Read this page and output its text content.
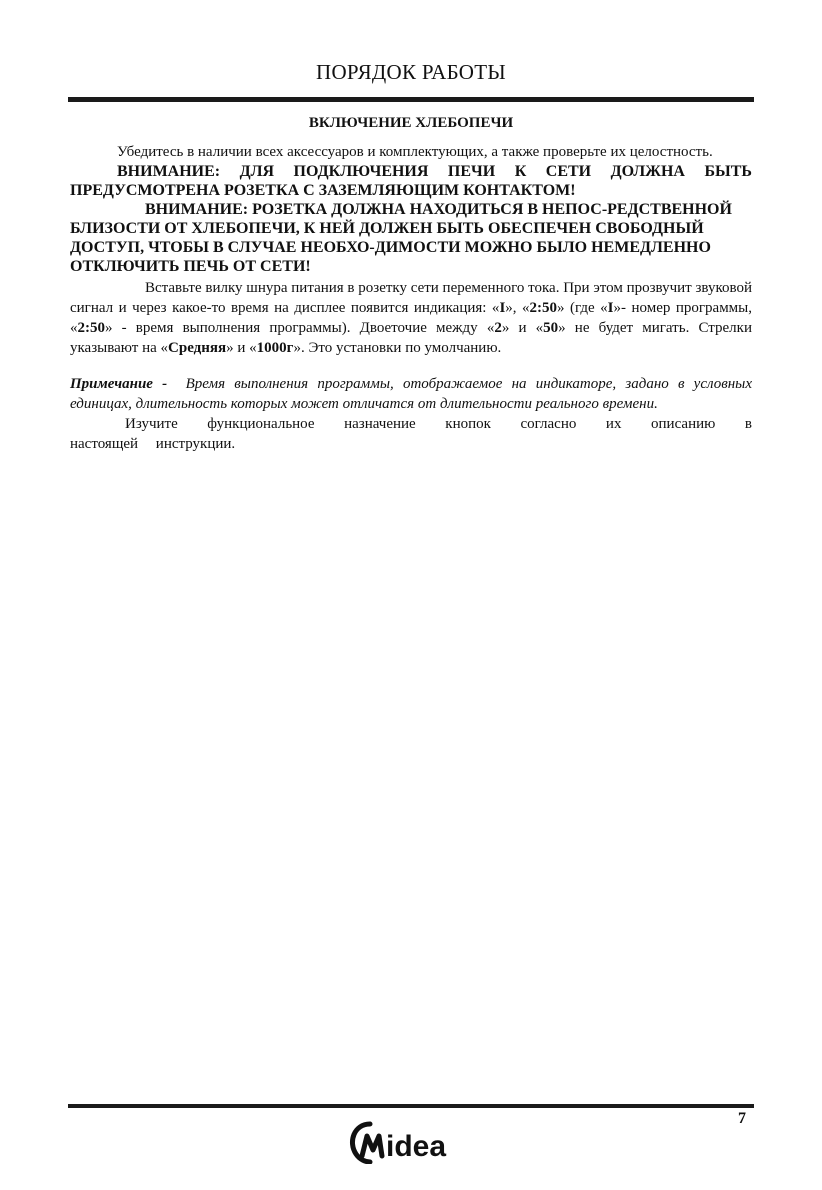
ПОРЯДОК РАБОТЫ
ВКЛЮЧЕНИЕ ХЛЕБОПЕЧИ

Убедитесь в наличии всех аксессуаров и комплектующих, а также проверьте их целостность.

ВНИМАНИЕ: ДЛЯ ПОДКЛЮЧЕНИЯ ПЕЧИ К СЕТИ ДОЛЖНА БЫТЬ ПРЕДУСМОТРЕНА РОЗЕТКА С ЗАЗЕМЛЯЮЩИМ КОНТАКТОМ!

ВНИМАНИЕ: РОЗЕТКА ДОЛЖНА НАХОДИТЬСЯ В НЕПОС-РЕДСТВЕННОЙ БЛИЗОСТИ ОТ ХЛЕБОПЕЧИ, К НЕЙ ДОЛЖЕН БЫТЬ ОБЕСПЕЧЕН СВОБОДНЫЙ ДОСТУП, ЧТОБЫ В СЛУЧАЕ НЕОБХО-ДИМОСТИ МОЖНО БЫЛО НЕМЕДЛЕННО ОТКЛЮЧИТЬ ПЕЧЬ ОТ СЕТИ!

Вставьте вилку шнура питания в розетку сети переменного тока. При этом прозвучит звуковой сигнал и через какое-то время на дисплее появится индикация: «I», «2:50» (где «I»- номер программы, «2:50» - время выполнения программы). Двоеточие между «2» и «50» не будет мигать. Стрелки указывают на «Средняя» и «1000г». Это установки по умолчанию.

Примечание - Время выполнения программы, отображаемое на индикаторе, задано в условных единицах, длительность которых может отличатся от длительности реального времени.

Изучите функциональное назначение кнопок согласно их описанию в настоящей инструкции.

7
idea
